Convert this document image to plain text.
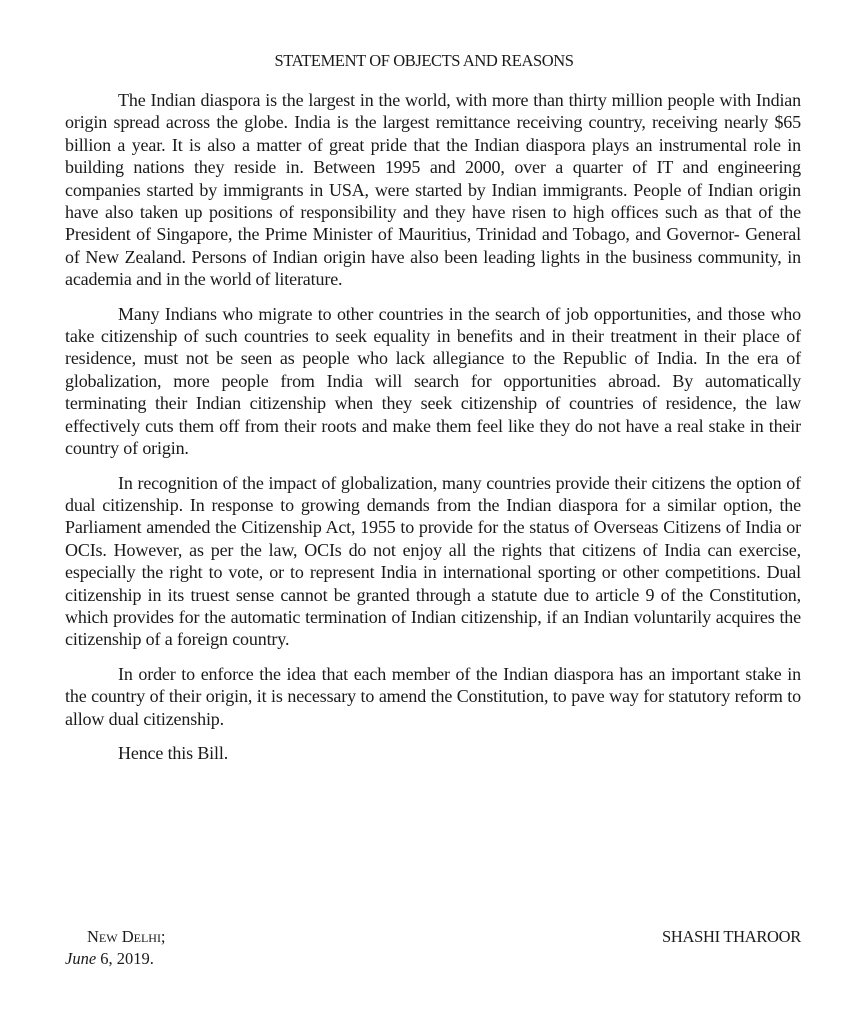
STATEMENT OF OBJECTS AND REASONS

The Indian diaspora is the largest in the world, with more than thirty million people with Indian origin spread across the globe. India is the largest remittance receiving country, receiving nearly $65 billion a year. It is also a matter of great pride that the Indian diaspora plays an instrumental role in building nations they reside in. Between 1995 and 2000, over a quarter of IT and engineering companies started by immigrants in USA, were started by Indian immigrants. People of Indian origin have also taken up positions of responsibility and they have risen to high offices such as that of the President of Singapore, the Prime Minister of Mauritius, Trinidad and Tobago, and Governor- General of New Zealand. Persons of Indian origin have also been leading lights in the business community, in academia and in the world of literature.

Many Indians who migrate to other countries in the search of job opportunities, and those who take citizenship of such countries to seek equality in benefits and in their treatment in their place of residence, must not be seen as people who lack allegiance to the Republic of India. In the era of globalization, more people from India will search for opportunities abroad. By automatically terminating their Indian citizenship when they seek citizenship of countries of residence, the law effectively cuts them off from their roots and make them feel like they do not have a real stake in their country of origin.

In recognition of the impact of globalization, many countries provide their citizens the option of dual citizenship. In response to growing demands from the Indian diaspora for a similar option, the Parliament amended the Citizenship Act, 1955 to provide for the status of Overseas Citizens of India or OCIs. However, as per the law, OCIs do not enjoy all the rights that citizens of India can exercise, especially the right to vote, or to represent India in international sporting or other competitions. Dual citizenship in its truest sense cannot be granted through a statute due to article 9 of the Constitution, which provides for the automatic termination of Indian citizenship, if an Indian voluntarily acquires the citizenship of a foreign country.

In order to enforce the idea that each member of the Indian diaspora has an important stake in the country of their origin, it is necessary to amend the Constitution, to pave way for statutory reform to allow dual citizenship.

Hence this Bill.

New Delhi;
June 6, 2019.
SHASHI THAROOR
